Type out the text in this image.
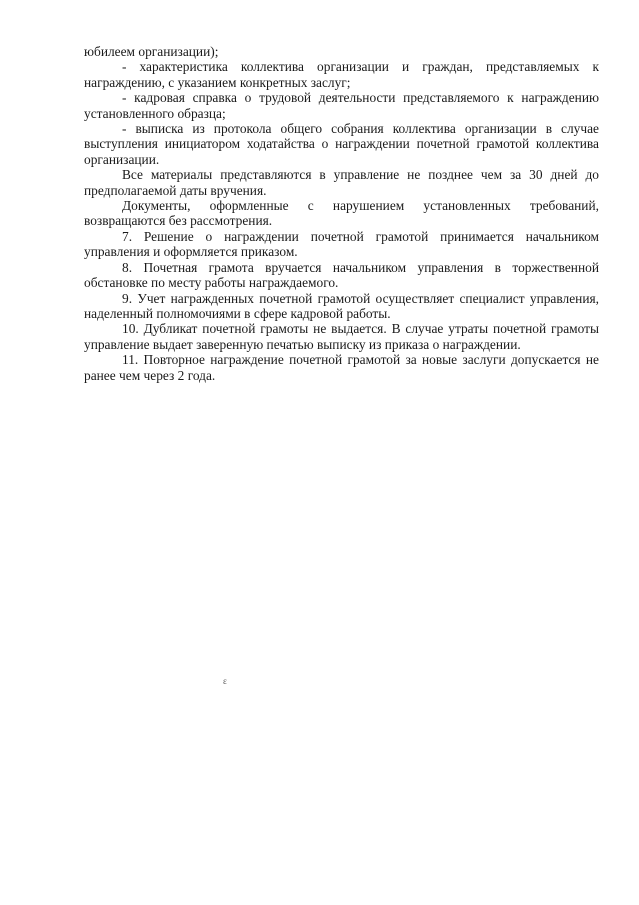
юбилеем организации);

- характеристика коллектива организации и граждан, представляемых к награждению, с указанием конкретных заслуг;

- кадровая справка о трудовой деятельности представляемого к награждению установленного образца;

- выписка из протокола общего собрания коллектива организации в случае выступления инициатором ходатайства о награждении почетной грамотой коллектива организации.

Все материалы представляются в управление не позднее чем за 30 дней до предполагаемой даты вручения.

Документы, оформленные с нарушением установленных требований, возвращаются без рассмотрения.

7. Решение о награждении почетной грамотой принимается начальником управления и оформляется приказом.

8. Почетная грамота вручается начальником управления в торжественной обстановке по месту работы награждаемого.

9. Учет награжденных почетной грамотой осуществляет специалист управления, наделенный полномочиями в сфере кадровой работы.

10. Дубликат почетной грамоты не выдается. В случае утраты почетной грамоты управление выдает заверенную печатью выписку из приказа о награждении.

11. Повторное награждение почетной грамотой за новые заслуги допускается не ранее чем через 2 года.

ε
